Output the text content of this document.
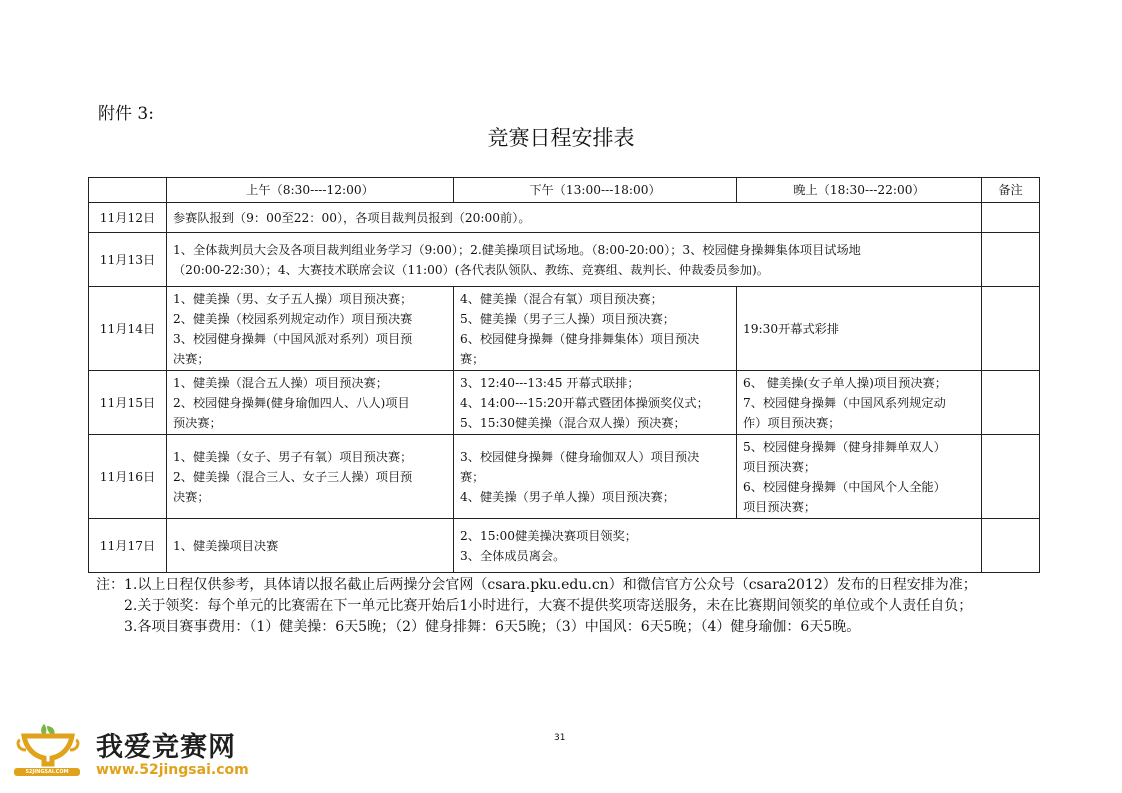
附件 3:
竞赛日程安排表
	上午（8:30----12:00）	下午（13:00---18:00）	晚上（18:30---22:00）	备注
11月12日	参赛队报到（9：00至22：00），各项目裁判员报到（20:00前）。			

11月13日	1、全体裁判员大会及各项目裁判组业务学习（9:00）；2.健美操项目试场地。（8:00-20:00）；3、校园健身操舞集体项目试场地
（20:00-22:30）；4、大赛技术联席会议（11:00）(各代表队领队、教练、竞赛组、裁判长、仲裁委员参加)。			

11月14日	1、健美操（男、女子五人操）项目预决赛；
2、健美操（校园系列规定动作）项目预决赛
3、校园健身操舞（中国风派对系列）项目预
决赛；	4、健美操（混合有氧）项目预决赛；
5、健美操（男子三人操）项目预决赛；
6、校园健身操舞（健身排舞集体）项目预决
赛；	19:30开幕式彩排	

11月15日	1、健美操（混合五人操）项目预决赛；
2、校园健身操舞(健身瑜伽四人、八人)项目
预决赛；	3、12:40---13:45 开幕式联排；
4、14:00---15:20开幕式暨团体操颁奖仪式；
5、15:30健美操（混合双人操）预决赛；	6、 健美操(女子单人操)项目预决赛；
7、校园健身操舞（中国风系列规定动
作）项目预决赛；	

11月16日	1、健美操（女子、男子有氧）项目预决赛；
2、健美操（混合三人、女子三人操）项目预
决赛；	3、校园健身操舞（健身瑜伽双人）项目预决
赛；
4、健美操（男子单人操）项目预决赛；	5、校园健身操舞（健身排舞单双人）
项目预决赛；
6、校园健身操舞（中国风个人全能）
项目预决赛；	

11月17日	1、健美操项目决赛	2、15:00健美操决赛项目领奖；
3、全体成员离会。		

注：1.以上日程仅供参考，具体请以报名截止后两操分会官网（csara.pku.edu.cn）和微信官方公众号（csara2012）发布的日程安排为准；
2.关于领奖：每个单元的比赛需在下一单元比赛开始后1小时进行，大赛不提供奖项寄送服务，未在比赛期间领奖的单位或个人责任自负；
3.各项目赛事费用：（1）健美操：6天5晚；（2）健身排舞：6天5晚；（3）中国风：6天5晚；（4）健身瑜伽：6天5晚。
31
52JINGSAI.COM
我爱竞赛网
www.52jingsai.com
